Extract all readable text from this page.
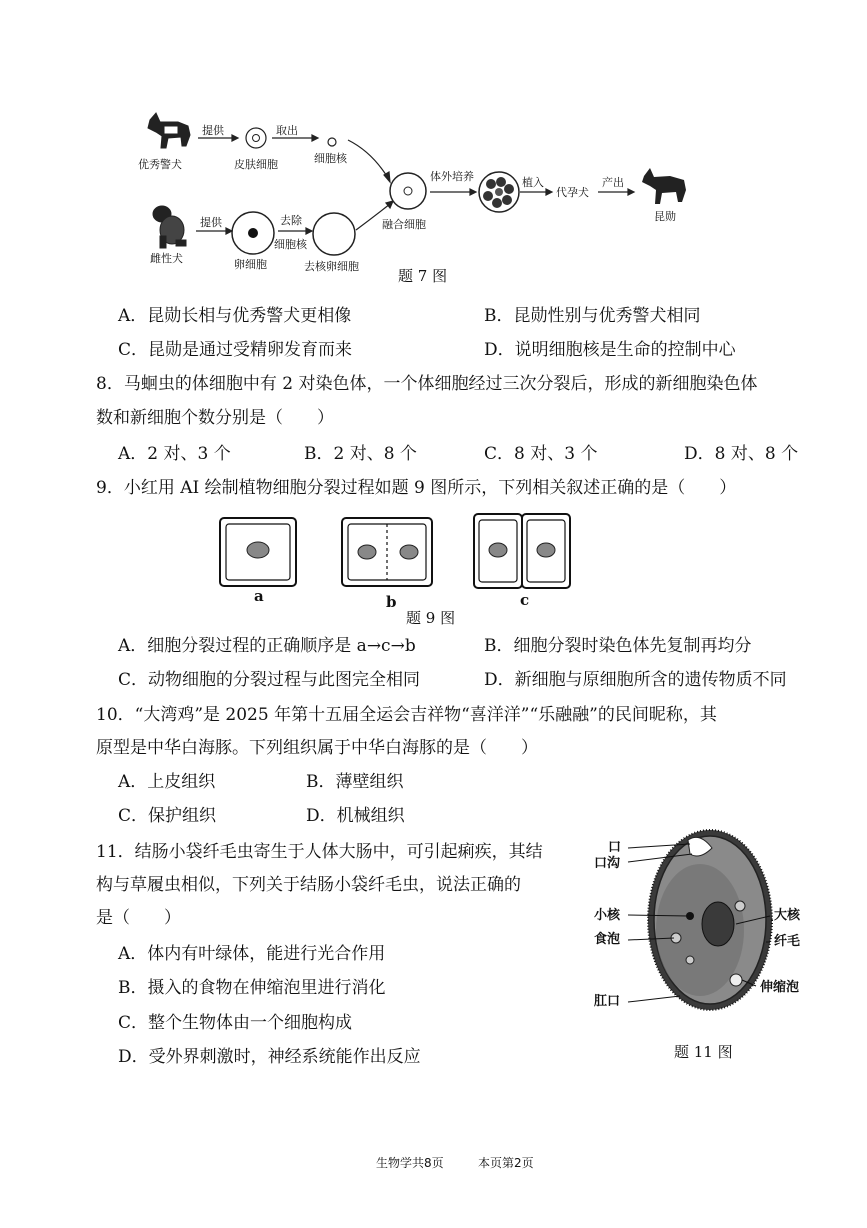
优秀警犬
提供
皮肤细胞
取出
细胞核
雌性犬
提供
卵细胞
去除
细胞核
去核卵细胞
融合细胞
体外培养	植入
代孕犬
产出
昆勋
题 7 图
A．昆勋长相与优秀警犬更相像	B．昆勋性别与优秀警犬相同
C．昆勋是通过受精卵发育而来	D．说明细胞核是生命的控制中心
8．马蛔虫的体细胞中有 2 对染色体，一个体细胞经过三次分裂后，形成的新细胞染色体
数和新细胞个数分别是（　　）
A．2 对、3 个	B．2 对、8 个	C．8 对、3 个	D．8 对、8 个
9．小红用 AI 绘制植物细胞分裂过程如题 9 图所示，下列相关叙述正确的是（　　）
a	b	c
题 9 图
A．细胞分裂过程的正确顺序是 a→c→b	B．细胞分裂时染色体先复制再均分
C．动物细胞的分裂过程与此图完全相同	D．新细胞与原细胞所含的遗传物质不同
10．“大湾鸡”是 2025 年第十五届全运会吉祥物“喜洋洋”“乐融融”的民间昵称，其
原型是中华白海豚。下列组织属于中华白海豚的是（　　）
A．上皮组织	B．薄壁组织
C．保护组织	D．机械组织
11．结肠小袋纤毛虫寄生于人体大肠中，可引起痢疾，其结
构与草履虫相似，下列关于结肠小袋纤毛虫，说法正确的
是（　　）
A．体内有叶绿体，能进行光合作用
B．摄入的食物在伸缩泡里进行消化
C．整个生物体由一个细胞构成
D．受外界刺激时，神经系统能作出反应
口
口沟
小核
食泡
肛口
大核
纤毛
伸缩泡
题 11 图
生物学共8页	本页第2页
